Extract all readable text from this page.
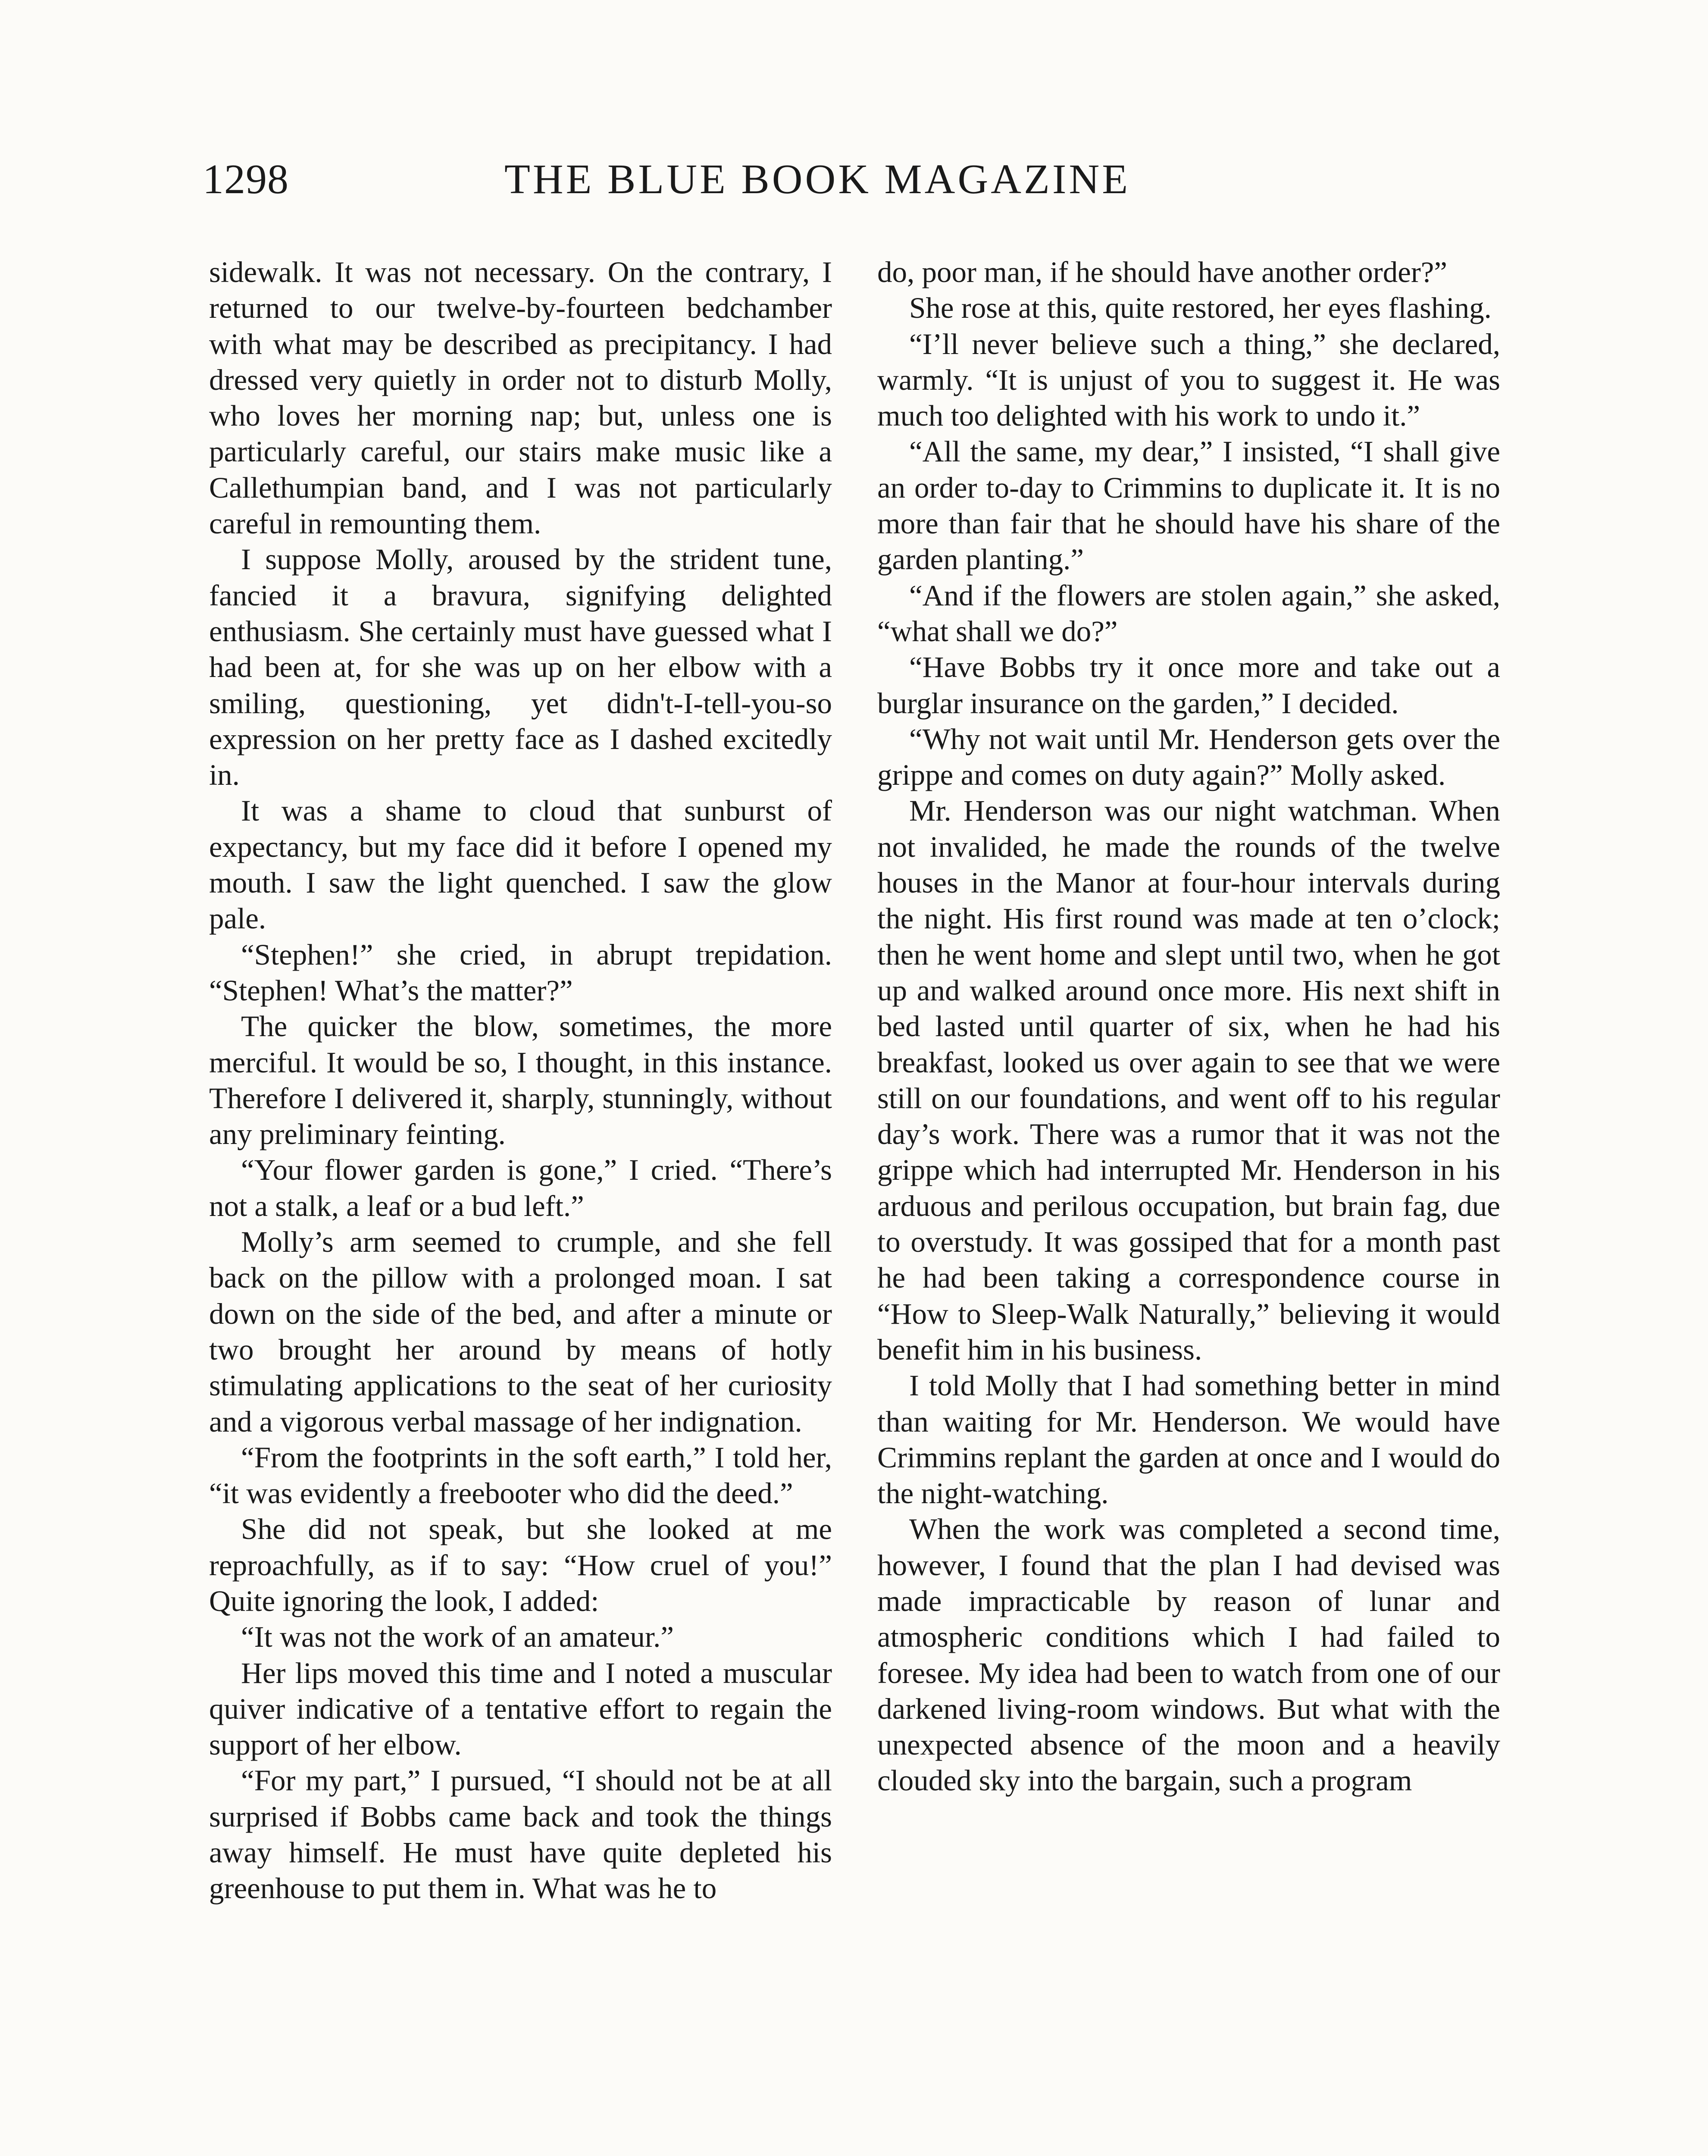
1298	THE BLUE BOOK MAGAZINE

sidewalk. It was not necessary. On the contrary, I returned to our twelve-by-fourteen bedchamber with what may be described as precipitancy. I had dressed very quietly in order not to disturb Molly, who loves her morning nap; but, unless one is particularly careful, our stairs make music like a Callethumpian band, and I was not particularly careful in remounting them.

I suppose Molly, aroused by the strident tune, fancied it a bravura, signifying delighted enthusiasm. She certainly must have guessed what I had been at, for she was up on her elbow with a smiling, questioning, yet didn't-I-tell-you-so expression on her pretty face as I dashed excitedly in.

It was a shame to cloud that sunburst of expectancy, but my face did it before I opened my mouth. I saw the light quenched. I saw the glow pale.

“Stephen!” she cried, in abrupt trepidation. “Stephen! What’s the matter?”

The quicker the blow, sometimes, the more merciful. It would be so, I thought, in this instance. Therefore I delivered it, sharply, stunningly, without any preliminary feinting.

“Your flower garden is gone,” I cried. “There’s not a stalk, a leaf or a bud left.”

Molly’s arm seemed to crumple, and she fell back on the pillow with a prolonged moan. I sat down on the side of the bed, and after a minute or two brought her around by means of hotly stimulating applications to the seat of her curiosity and a vigorous verbal massage of her indignation.

“From the footprints in the soft earth,” I told her, “it was evidently a freebooter who did the deed.”

She did not speak, but she looked at me reproachfully, as if to say: “How cruel of you!” Quite ignoring the look, I added:

“It was not the work of an amateur.”

Her lips moved this time and I noted a muscular quiver indicative of a tentative effort to regain the support of her elbow.

“For my part,” I pursued, “I should not be at all surprised if Bobbs came back and took the things away himself. He must have quite depleted his greenhouse to put them in. What was he to

do, poor man, if he should have another order?”

She rose at this, quite restored, her eyes flashing.

“I’ll never believe such a thing,” she declared, warmly. “It is unjust of you to suggest it. He was much too delighted with his work to undo it.”

“All the same, my dear,” I insisted, “I shall give an order to-day to Crimmins to duplicate it. It is no more than fair that he should have his share of the garden planting.”

“And if the flowers are stolen again,” she asked, “what shall we do?”

“Have Bobbs try it once more and take out a burglar insurance on the garden,” I decided.

“Why not wait until Mr. Henderson gets over the grippe and comes on duty again?” Molly asked.

Mr. Henderson was our night watchman. When not invalided, he made the rounds of the twelve houses in the Manor at four-hour intervals during the night. His first round was made at ten o’clock; then he went home and slept until two, when he got up and walked around once more. His next shift in bed lasted until quarter of six, when he had his breakfast, looked us over again to see that we were still on our foundations, and went off to his regular day’s work. There was a rumor that it was not the grippe which had interrupted Mr. Henderson in his arduous and perilous occupation, but brain fag, due to overstudy. It was gossiped that for a month past he had been taking a correspondence course in “How to Sleep-Walk Naturally,” believing it would benefit him in his business.

I told Molly that I had something better in mind than waiting for Mr. Henderson. We would have Crimmins replant the garden at once and I would do the night-watching.

When the work was completed a second time, however, I found that the plan I had devised was made impracticable by reason of lunar and atmospheric conditions which I had failed to foresee. My idea had been to watch from one of our darkened living-room windows. But what with the unexpected absence of the moon and a heavily clouded sky into the bargain, such a program
